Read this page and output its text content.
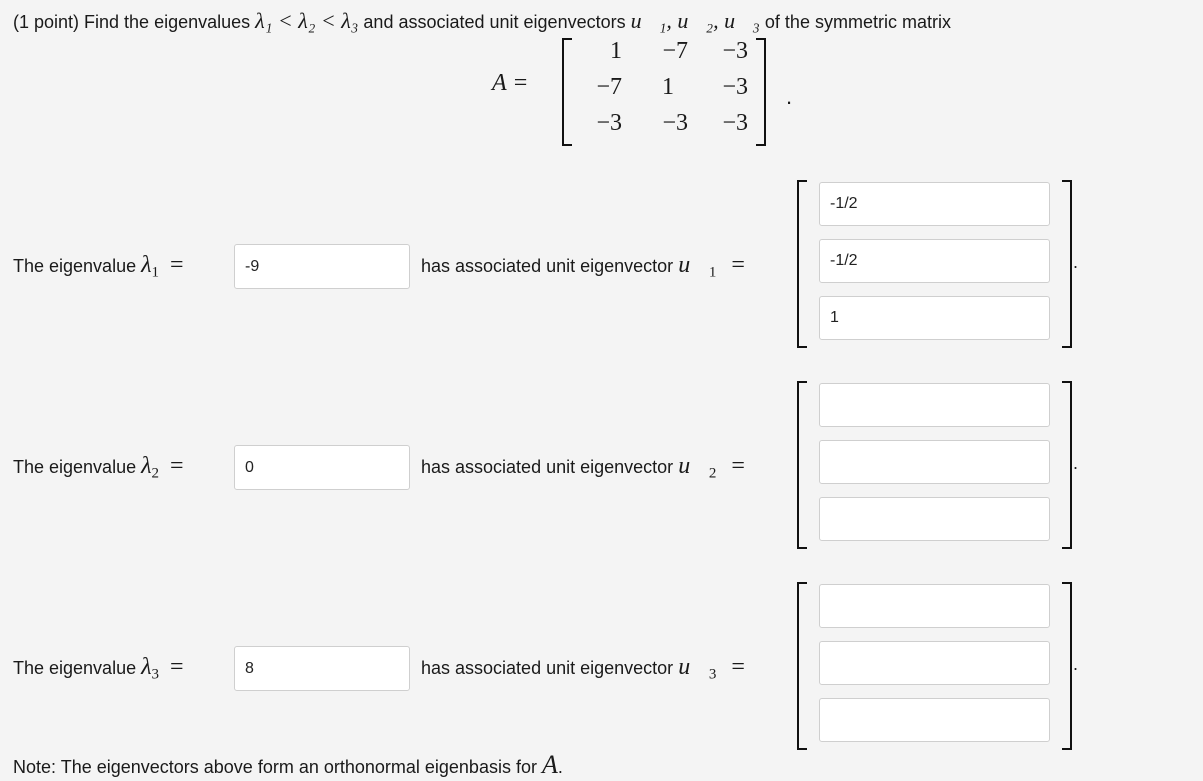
(1 point) Find the eigenvalues λ₁ < λ₂ < λ₃ and associated unit eigenvectors u⃗₁, u⃗₂, u⃗₃ of the symmetric matrix
A =
1	−7	−3
−7	1	−3
−3	−3	−3
.
The eigenvalue $\lambda_1$ =
-9	has associated unit eigenvector $u⃗_1$ =
-1/2
-1/2
1	.
The eigenvalue $\lambda_2$ =
0	has associated unit eigenvector $u⃗_2$ =	.
The eigenvalue $\lambda_3$ =
8	has associated unit eigenvector $u⃗_3$ =	.
Note: The eigenvectors above form an orthonormal eigenbasis for A.
